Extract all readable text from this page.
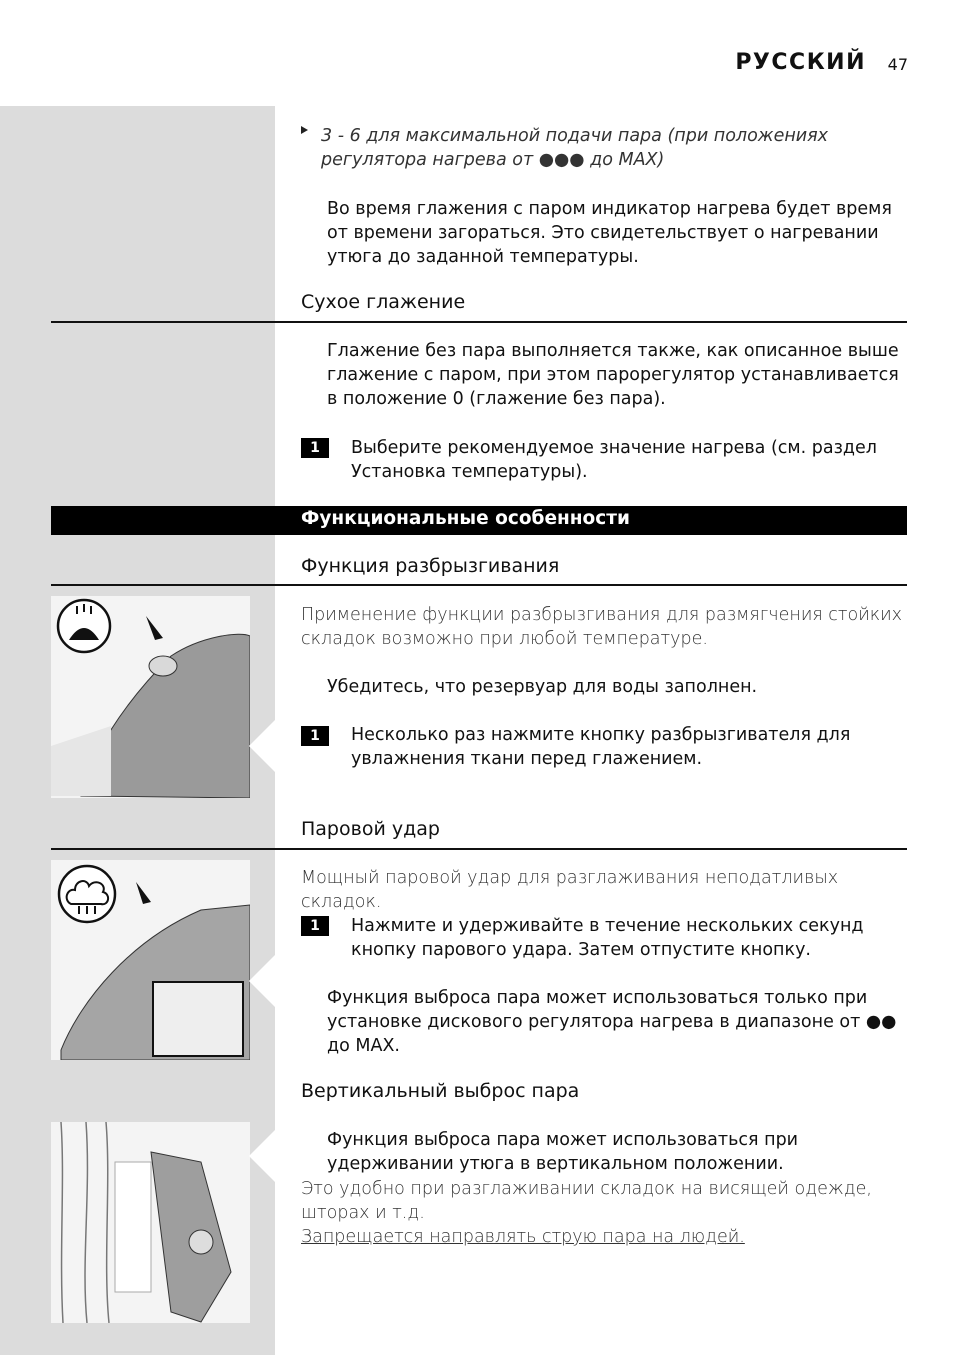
РУССКИЙ 47
3 - 6 для максимальной подачи пара (при положениях регулятора нагрева от ●●● до MAX)
Во время глажения с паром индикатор нагрева будет время от времени загораться. Это свидетельствует о нагревании утюга до заданной температуры.
Сухое глажение
Глажение без пара выполняется также, как описанное выше глажение с паром, при этом парорегулятор устанавливается в положение 0 (глажение без пара).
1	Выберите рекомендуемое значение нагрева (см. раздел Установка температуры).
Функциональные особенности
Функция разбрызгивания
Применение функции разбрызгивания для размягчения стойких складок возможно при любой температуре.
Убедитесь, что резервуар для воды заполнен.
1	Несколько раз нажмите кнопку разбрызгивателя для увлажнения ткани перед глажением.
Паровой удар
Мощный паровой удар для разглаживания неподатливых складок.
1	Нажмите и удерживайте в течение нескольких секунд кнопку парового удара. Затем отпустите кнопку.
Функция выброса пара может использоваться только при установке дискового регулятора нагрева в диапазоне от ●● до MAX.
Вертикальный выброс пара
Функция выброса пара может использоваться при удерживании утюга в вертикальном положении.
Это удобно при разглаживании складок на висящей одежде, шторах и т.д.
Запрещается направлять струю пара на людей.
